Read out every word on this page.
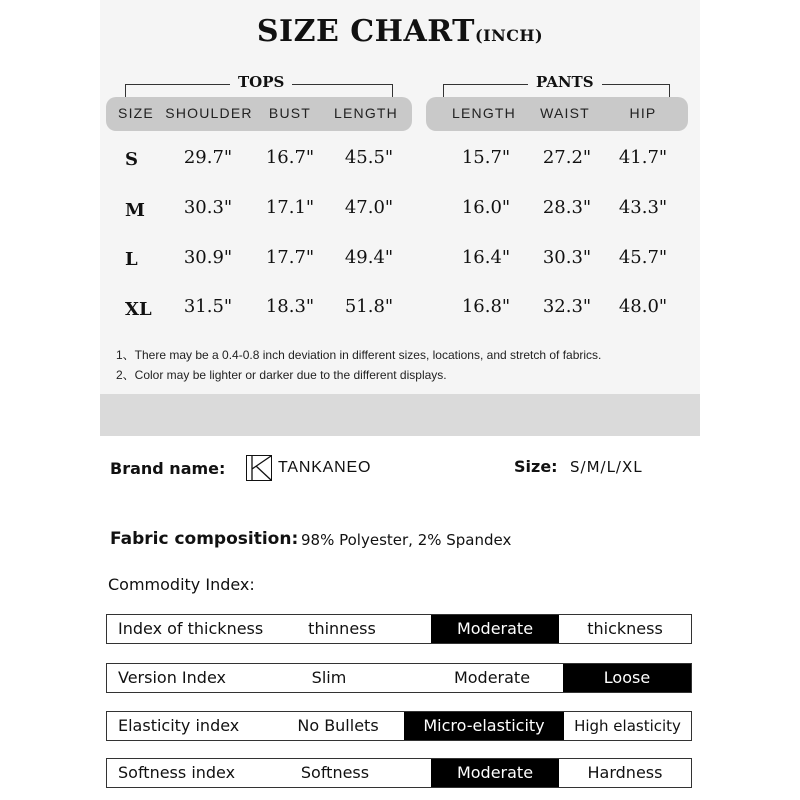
SIZE CHART(INCH)
TOPS	PANTS
SIZE SHOULDER	BUST	LENGTH	LENGTH	WAIST	HIP
S	29.7"	16.7"	45.5"	15.7"	27.2"	41.7"
M	30.3"	17.1"	47.0"	16.0"	28.3"	43.3"
L	30.9"	17.7"	49.4"	16.4"	30.3"	45.7"
XL	31.5"	18.3"	51.8"	16.8"	32.3"	48.0"
1、There may be a 0.4-0.8 inch deviation in different sizes, locations, and stretch of fabrics.
2、Color may be lighter or darker due to the different displays.
Brand name:	TANKANEO	Size: S/M/L/XL
Fabric composition: 98% Polyester, 2% Spandex
Commodity Index:
Index of thickness	thinness	Moderate	thickness
Version Index	Slim	Moderate	Loose
Elasticity index	No Bullets	Micro-elasticity	High elasticity
Softness index	Softness	Moderate	Hardness
